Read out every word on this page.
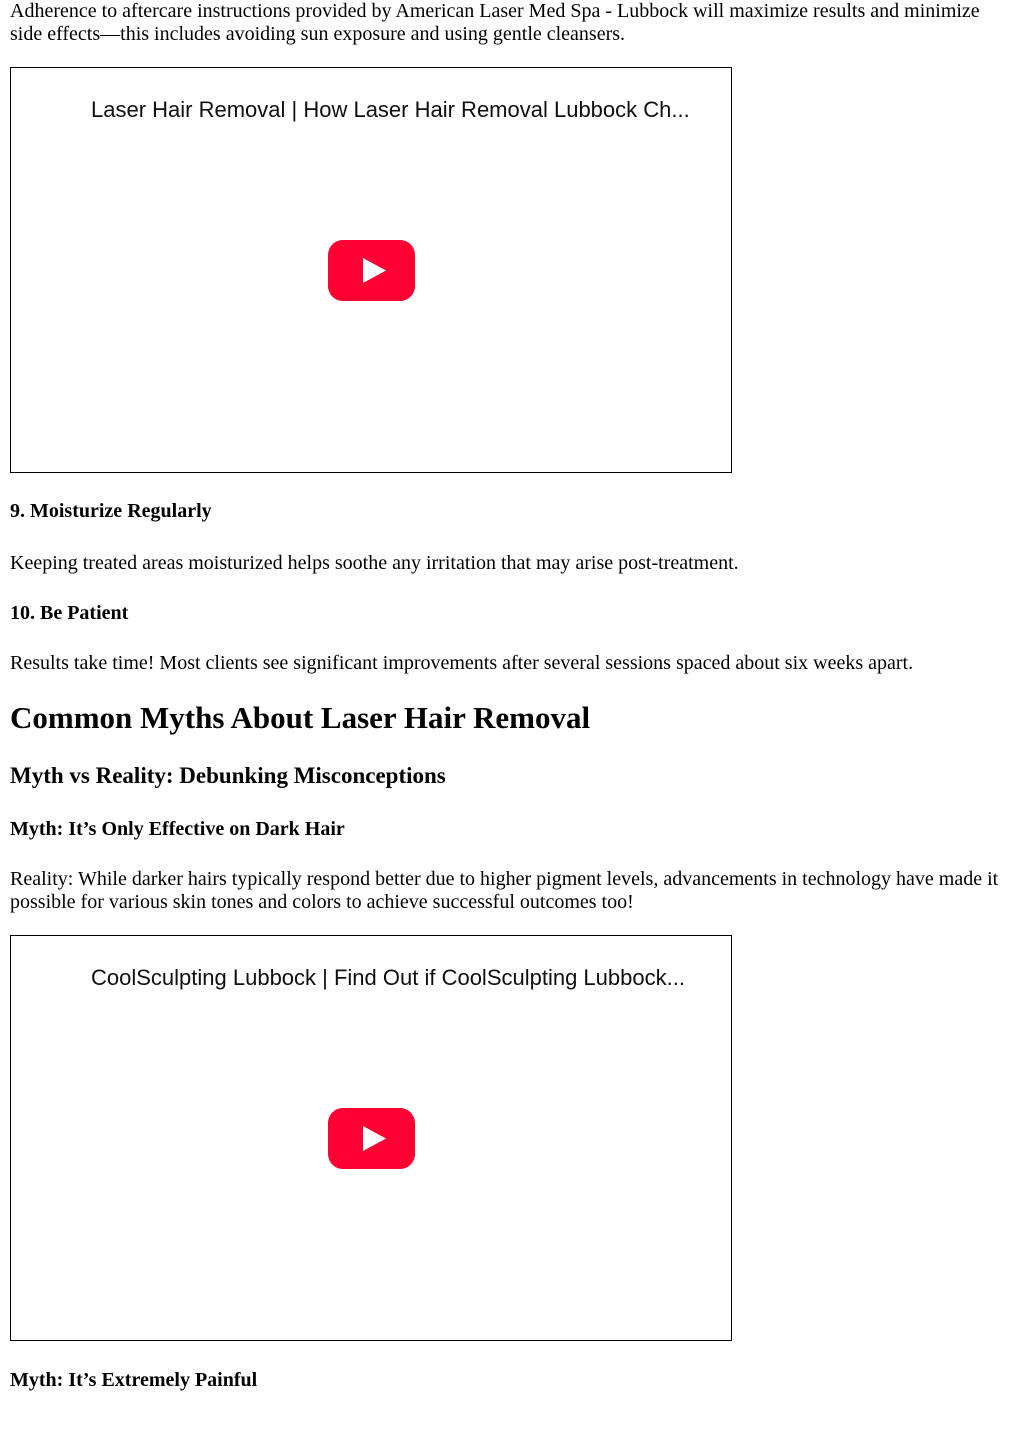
Adherence to aftercare instructions provided by American Laser Med Spa - Lubbock will maximize results and minimize side effects—this includes avoiding sun exposure and using gentle cleansers.

Laser Hair Removal | How Laser Hair Removal Lubbock Ch...
9. Moisturize Regularly

Keeping treated areas moisturized helps soothe any irritation that may arise post-treatment.

10. Be Patient

Results take time! Most clients see significant improvements after several sessions spaced about six weeks apart.

Common Myths About Laser Hair Removal
Myth vs Reality: Debunking Misconceptions
Myth: It’s Only Effective on Dark Hair

Reality: While darker hairs typically respond better due to higher pigment levels, advancements in technology have made it possible for various skin tones and colors to achieve successful outcomes too!

CoolSculpting Lubbock | Find Out if CoolSculpting Lubbock...
Myth: It’s Extremely Painful
